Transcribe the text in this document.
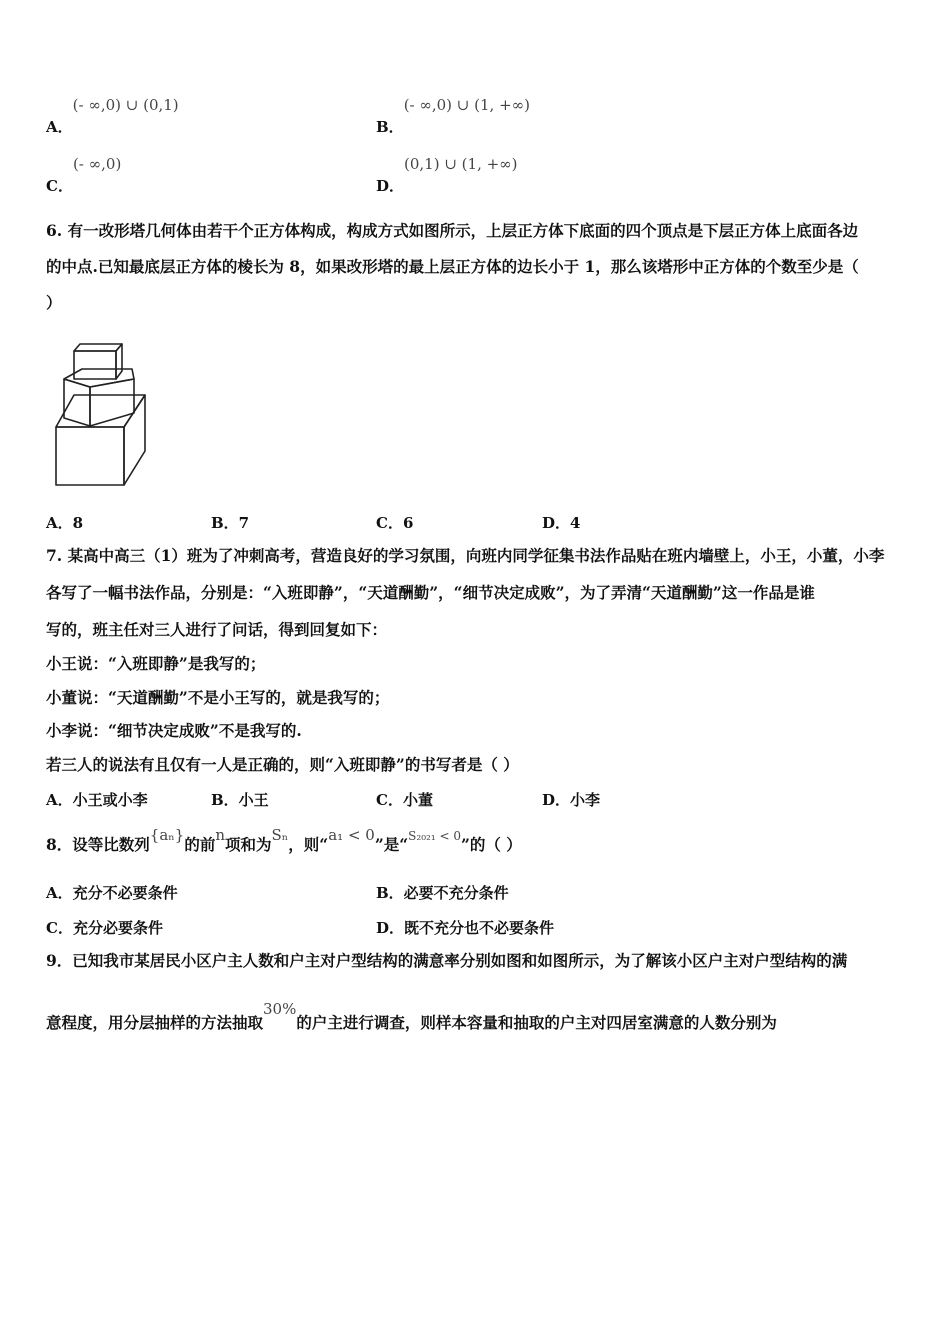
A．(- ∞,0) ∪ (0,1)
B．(- ∞,0) ∪ (1, +∞)
C．(- ∞,0)
D．(0,1) ∪ (1, +∞)
6. 有一改形塔几何体由若干个正方体构成，构成方式如图所示，上层正方体下底面的四个顶点是下层正方体上底面各边
的中点.已知最底层正方体的棱长为 8，如果改形塔的最上层正方体的边长小于 1，那么该塔形中正方体的个数至少是（
）
A．8	B．7	C．6	D．4
7. 某高中高三（1）班为了冲刺高考，营造良好的学习氛围，向班内同学征集书法作品贴在班内墙壁上，小王，小董，小李
各写了一幅书法作品，分别是：“入班即静”，“天道酬勤”，“细节决定成败”，为了弄清“天道酬勤”这一作品是谁
写的，班主任对三人进行了问话，得到回复如下：
小王说：“入班即静”是我写的；
小董说：“天道酬勤”不是小王写的，就是我写的；
小李说：“细节决定成败”不是我写的.
若三人的说法有且仅有一人是正确的，则“入班即静”的书写者是（ ）
A．小王或小李	B．小王	C．小董	D．小李
8．设等比数列{aₙ}的前n项和为Sₙ，则“a₁ < 0”是“$^{S_{2021} < 0}$”的（ ）
A．充分不必要条件	B．必要不充分条件
C．充分必要条件	D．既不充分也不必要条件
9．已知我市某居民小区户主人数和户主对户型结构的满意率分别如图和如图所示，为了解该小区户主对户型结构的满
意程度，用分层抽样的方法抽取30%的户主进行调查，则样本容量和抽取的户主对四居室满意的人数分别为
